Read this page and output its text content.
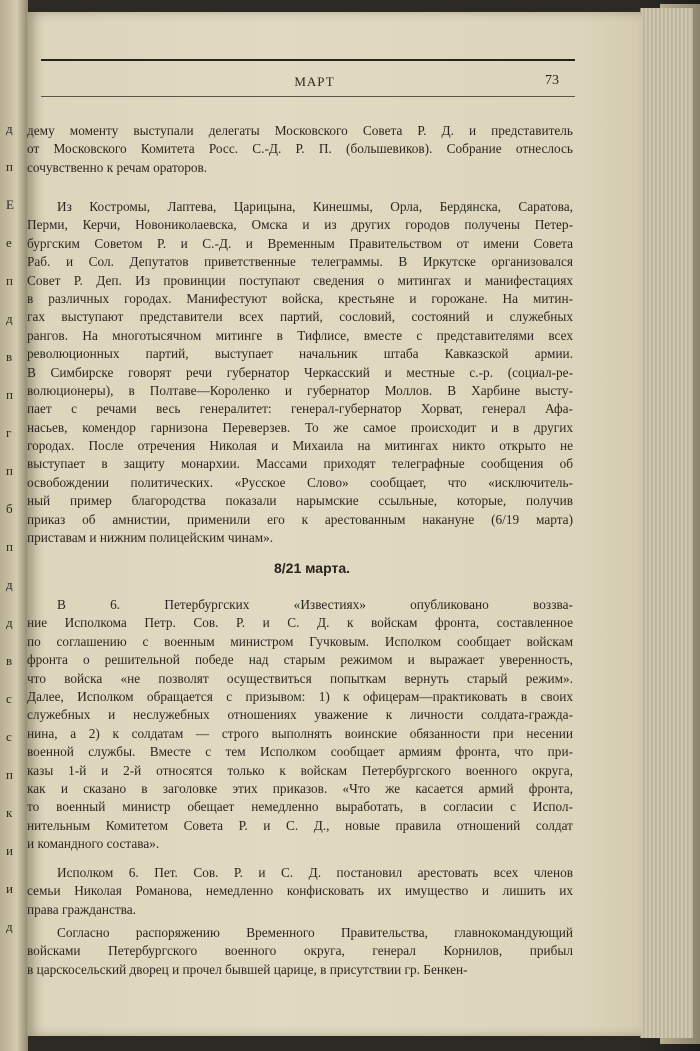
д
п
Е
е
п
д
в
п
г
п
б
п
д
д
в
с
с
п
к
и
и
д
МАРТ	73
дему моменту выступали делегаты Московского Совета Р. Д. и представитель
от Московского Комитета Росс. С.-Д. Р. П. (большевиков). Собрание отнеслось
сочувственно к речам ораторов.
Из Костромы, Лаптева, Царицына, Кинешмы, Орла, Бердянска, Саратова,
Перми, Керчи, Новониколаевска, Омска и из других городов получены Петер-
бургским Советом Р. и С.-Д. и Временным Правительством от имени Совета
Раб. и Сол. Депутатов приветственные телеграммы. В Иркутске организовался
Совет Р. Деп. Из провинции поступают сведения о митингах и манифестациях
в различных городах. Манифестуют войска, крестьяне и горожане. На митин-
гах выступают представители всех партий, сословий, состояний и служебных
рангов. На многотысячном митинге в Тифлисе, вместе с представителями всех
революционных партий, выступает начальник штаба Кавказской армии.
В Симбирске говорят речи губернатор Черкасский и местные с.-р. (социал-ре-
волюционеры), в Полтаве—Короленко и губернатор Моллов. В Харбине высту-
пает с речами весь генералитет: генерал-губернатор Хорват, генерал Афа-
насьев, комендор гарнизона Переверзев. То же самое происходит и в других
городах. После отречения Николая и Михаила на митингах никто открыто не
выступает в защиту монархии. Массами приходят телеграфные сообщения об
освобождении политических. «Русское Слово» сообщает, что «исключитель-
ный пример благородства показали нарымские ссыльные, которые, получив
приказ об амнистии, применили его к арестованным накануне (6/19 марта)
приставам и нижним полицейским чинам».
8/21 марта.
В 6. Петербургских «Известиях» опубликовано воззва-
ние Исполкома Петр. Сов. Р. и С. Д. к войскам фронта, составленное
по соглашению с военным министром Гучковым. Исполком сообщает войскам
фронта о решительной победе над старым режимом и выражает уверенность,
что войска «не позволят осуществиться попыткам вернуть старый режим».
Далее, Исполком обращается с призывом: 1) к офицерам—практиковать в своих
служебных и неслужебных отношениях уважение к личности солдата-гражда-
нина, а 2) к солдатам — строго выполнять воинские обязанности при несении
военной службы. Вместе с тем Исполком сообщает армиям фронта, что при-
казы 1-й и 2-й относятся только к войскам Петербургского военного округа,
как и сказано в заголовке этих приказов. «Что же касается армий фронта,
то военный министр обещает немедленно выработать, в согласии с Испол-
нительным Комитетом Совета Р. и С. Д., новые правила отношений солдат
и командного состава».
Исполком 6. Пет. Сов. Р. и С. Д. постановил арестовать всех членов
семьи Николая Романова, немедленно конфисковать их имущество и лишить их
права гражданства.
Согласно распоряжению Временного Правительства, главнокомандующий
войсками Петербургского военного округа, генерал Корнилов, прибыл
в царскосельский дворец и прочел бывшей царице, в присутствии гр. Бенкен-
